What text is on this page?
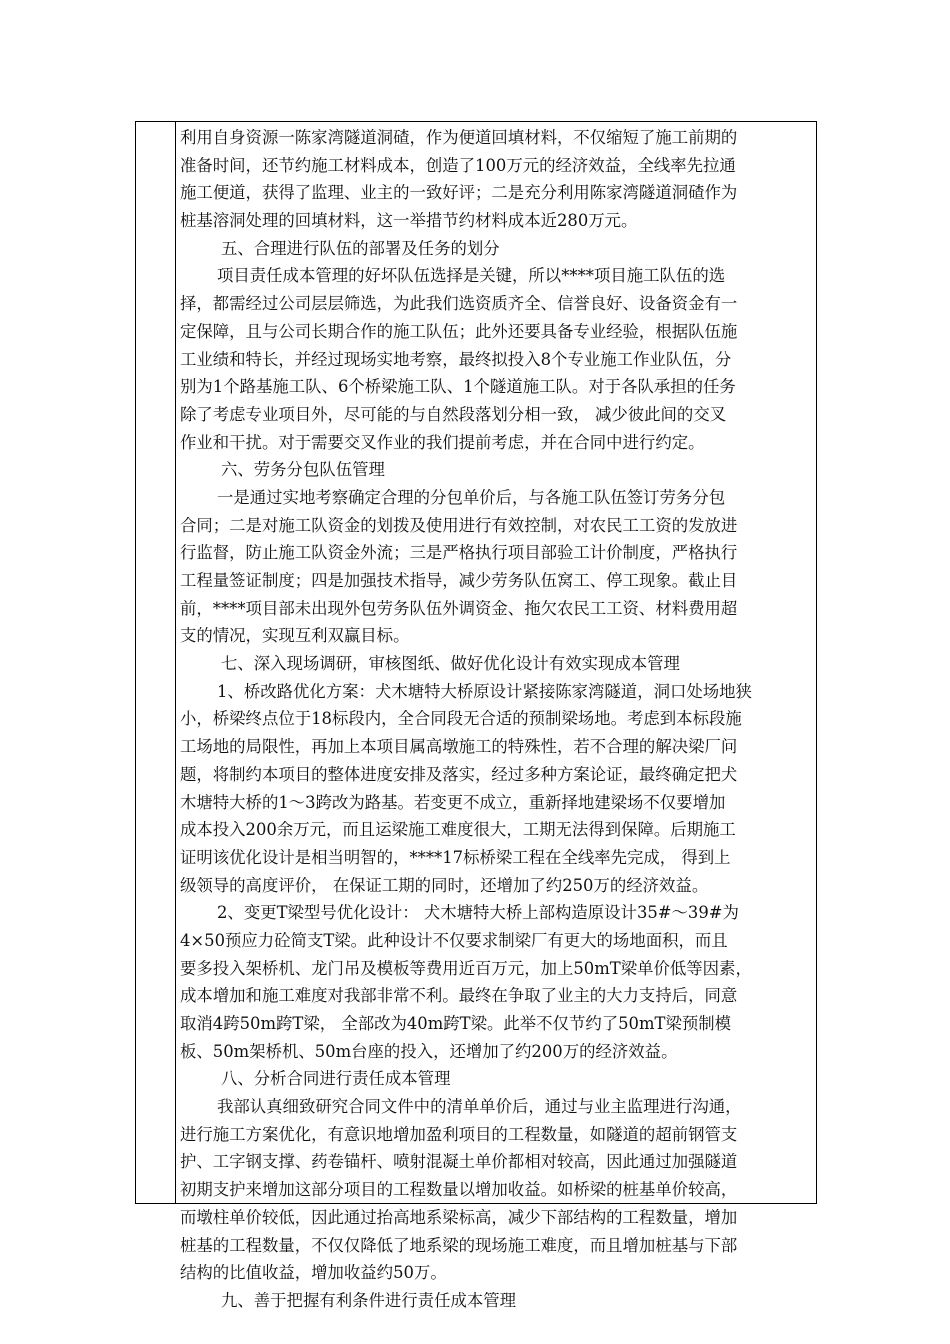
利用自身资源一陈家湾隧道洞碴，作为便道回填材料，不仅缩短了施工前期的
准备时间，还节约施工材料成本，创造了100万元的经济效益，全线率先拉通
施工便道，获得了监理、业主的一致好评；二是充分利用陈家湾隧道洞碴作为
桩基溶洞处理的回填材料，这一举措节约材料成本近280万元。
五、合理进行队伍的部署及任务的划分
项目责任成本管理的好坏队伍选择是关键，所以****项目施工队伍的选
择，都需经过公司层层筛选，为此我们选资质齐全、信誉良好、设备资金有一
定保障，且与公司长期合作的施工队伍；此外还要具备专业经验，根据队伍施
工业绩和特长，并经过现场实地考察，最终拟投入8个专业施工作业队伍，分
别为1个路基施工队、6个桥梁施工队、1个隧道施工队。对于各队承担的任务
除了考虑专业项目外，尽可能的与自然段落划分相一致， 减少彼此间的交叉
作业和干扰。对于需要交叉作业的我们提前考虑，并在合同中进行约定。
六、劳务分包队伍管理
一是通过实地考察确定合理的分包单价后，与各施工队伍签订劳务分包
合同；二是对施工队资金的划拨及使用进行有效控制，对农民工工资的发放进
行监督，防止施工队资金外流；三是严格执行项目部验工计价制度，严格执行
工程量签证制度；四是加强技术指导，减少劳务队伍窝工、停工现象。截止目
前，****项目部未出现外包劳务队伍外调资金、拖欠农民工工资、材料费用超
支的情况，实现互利双赢目标。
七、深入现场调研，审核图纸、做好优化设计有效实现成本管理
1、桥改路优化方案：犬木塘特大桥原设计紧接陈家湾隧道，洞口处场地狭
小，桥梁终点位于18标段内，全合同段无合适的预制梁场地。考虑到本标段施
工场地的局限性，再加上本项目属高墩施工的特殊性，若不合理的解决梁厂问
题，将制约本项目的整体进度安排及落实，经过多种方案论证，最终确定把犬
木塘特大桥的1～3跨改为路基。若变更不成立，重新择地建梁场不仅要增加
成本投入200余万元，而且运梁施工难度很大，工期无法得到保障。后期施工
证明该优化设计是相当明智的，****17标桥梁工程在全线率先完成， 得到上
级领导的高度评价， 在保证工期的同时，还增加了约250万的经济效益。
2、变更T梁型号优化设计： 犬木塘特大桥上部构造原设计35#～39#为
4×50预应力砼简支T梁。此种设计不仅要求制梁厂有更大的场地面积，而且
要多投入架桥机、龙门吊及模板等费用近百万元，加上50mT梁单价低等因素，
成本增加和施工难度对我部非常不利。最终在争取了业主的大力支持后，同意
取消4跨50m跨T梁， 全部改为40m跨T梁。此举不仅节约了50mT梁预制模
板、50m架桥机、50m台座的投入，还增加了约200万的经济效益。
八、分析合同进行责任成本管理
我部认真细致研究合同文件中的清单单价后，通过与业主监理进行沟通，
进行施工方案优化，有意识地增加盈利项目的工程数量，如隧道的超前钢管支
护、工字钢支撑、药卷锚杆、喷射混凝土单价都相对较高，因此通过加强隧道
初期支护来增加这部分项目的工程数量以增加收益。如桥梁的桩基单价较高，
而墩柱单价较低，因此通过抬高地系梁标高，减少下部结构的工程数量，增加
桩基的工程数量，不仅仅降低了地系梁的现场施工难度，而且增加桩基与下部
结构的比值收益，增加收益约50万。
九、善于把握有利条件进行责任成本管理
